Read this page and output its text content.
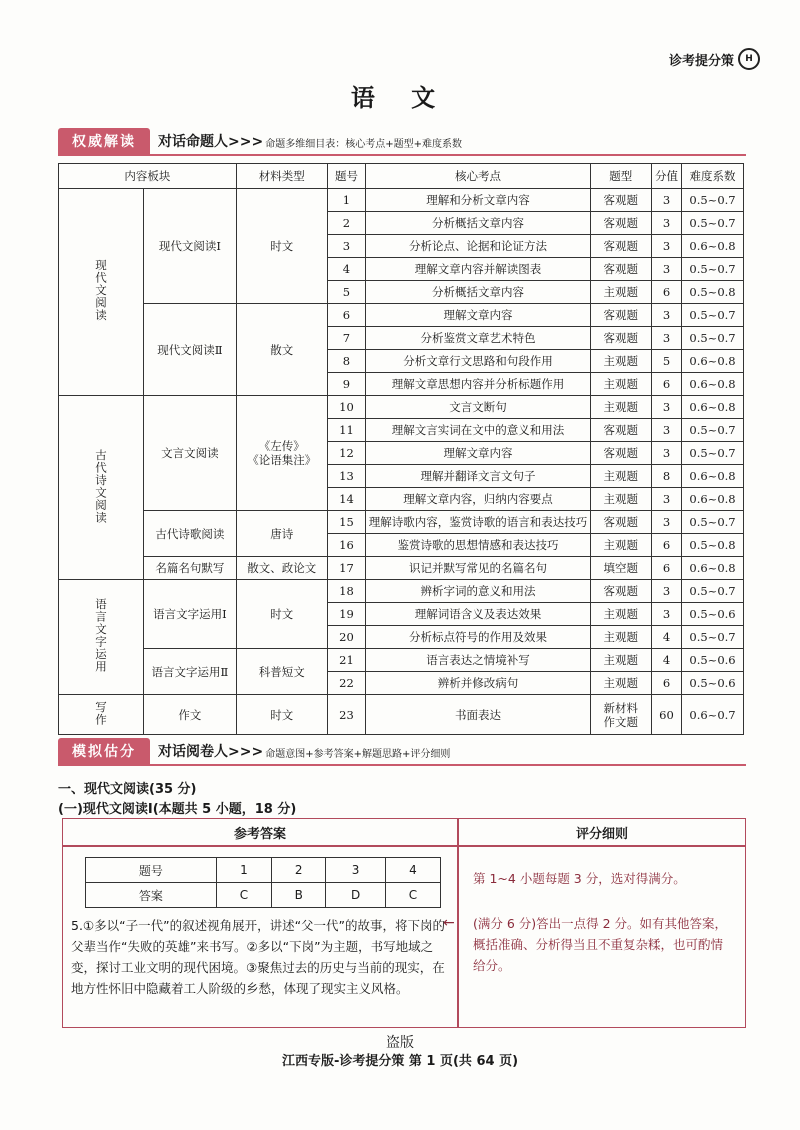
诊考提分策	H
语 文
权威解读	对话命题人>>> 命题多维细目表：核心考点+题型+难度系数
内容板块		材料类型	题号	核心考点	题型	分值	难度系数
现代文阅读	现代文阅读Ⅰ	时文	1	理解和分析文章内容	客观题	3	0.5~0.7
			2	分析概括文章内容	客观题	3	0.5~0.7
			3	分析论点、论据和论证方法	客观题	3	0.6~0.8
			4	理解文章内容并解读图表	客观题	3	0.5~0.7
			5	分析概括文章内容	主观题	6	0.5~0.8
	现代文阅读Ⅱ	散文	6	理解文章内容	客观题	3	0.5~0.7
			7	分析鉴赏文章艺术特色	客观题	3	0.5~0.7
			8	分析文章行文思路和句段作用	主观题	5	0.6~0.8
			9	理解文章思想内容并分析标题作用	主观题	6	0.6~0.8
古代诗文阅读	文言文阅读	《左传》
《论语集注》	10	文言文断句	主观题	3	0.6~0.8
			11	理解文言实词在文中的意义和用法	客观题	3	0.5~0.7
			12	理解文章内容	客观题	3	0.5~0.7
			13	理解并翻译文言文句子	主观题	8	0.6~0.8
			14	理解文章内容，归纳内容要点	主观题	3	0.6~0.8
	古代诗歌阅读	唐诗	15	理解诗歌内容，鉴赏诗歌的语言和表达技巧	客观题	3	0.5~0.7
			16	鉴赏诗歌的思想情感和表达技巧	主观题	6	0.5~0.8
	名篇名句默写	散文、政论文	17	识记并默写常见的名篇名句	填空题	6	0.6~0.8
语言文字运用	语言文字运用Ⅰ	时文	18	辨析字词的意义和用法	客观题	3	0.5~0.7
			19	理解词语含义及表达效果	主观题	3	0.5~0.6
			20	分析标点符号的作用及效果	主观题	4	0.5~0.7
	语言文字运用Ⅱ	科普短文	21	语言表达之情境补写	主观题	4	0.5~0.6
			22	辨析并修改病句	主观题	6	0.5~0.6
写作	作文	时文	23	书面表达	新材料作文题	60	0.6~0.7
模拟估分	对话阅卷人>>> 命题意图+参考答案+解题思路+评分细则
一、现代文阅读(35 分)
(一)现代文阅读Ⅰ(本题共 5 小题，18 分)
参考答案	评分细则
题号	1	2	3	4
答案	C	B	D	C
5.①多以“子一代”的叙述视角展开，讲述“父一代”的故事，将下岗的父辈当作“失败的英雄”来书写。②多以“下岗”为主题，书写地域之变，探讨工业文明的现代困境。③聚焦过去的历史与当前的现实，在地方性怀旧中隐藏着工人阶级的乡愁，体现了现实主义风格。
←
第 1~4 小题每题 3 分，选对得满分。
(满分 6 分)答出一点得 2 分。如有其他答案，概括准确、分析得当且不重复杂糅，也可酌情给分。
盗版
江西专版-诊考提分策 第 1 页(共 64 页)
